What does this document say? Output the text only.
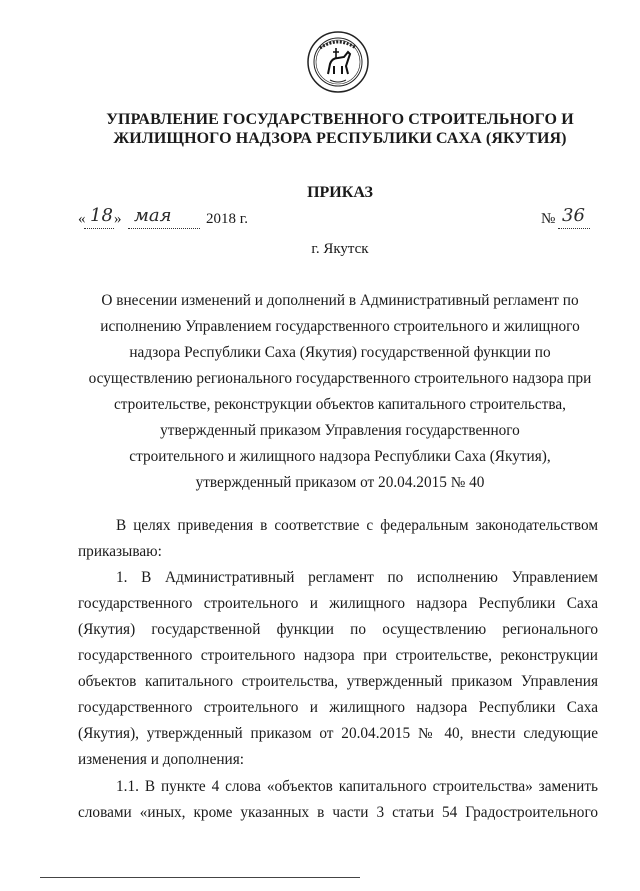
УПРАВЛЕНИЕ ГОСУДАРСТВЕННОГО СТРОИТЕЛЬНОГО И
ЖИЛИЩНОГО НАДЗОРА РЕСПУБЛИКИ САХА (ЯКУТИЯ)
ПРИКАЗ
« 18 » мая 2018 г.	№ 36
г. Якутск
О внесении изменений и дополнений в Административный регламент по
исполнению Управлением государственного строительного и жилищного
надзора Республики Саха (Якутия) государственной функции по
осуществлению регионального государственного строительного надзора при
строительстве, реконструкции объектов капитального строительства,
утвержденный приказом Управления государственного
строительного и жилищного надзора Республики Саха (Якутия),
утвержденный приказом от 20.04.2015 № 40
В целях приведения в соответствие с федеральным законодательством
приказываю:
1. В Административный регламент по исполнению Управлением
государственного строительного и жилищного надзора Республики Саха
(Якутия) государственной функции по осуществлению регионального
государственного строительного надзора при строительстве, реконструкции
объектов капитального строительства, утвержденный приказом Управления
государственного строительного и жилищного надзора Республики Саха
(Якутия), утвержденный приказом от 20.04.2015 № 40, внести следующие
изменения и дополнения:
1.1. В пункте 4 слова «объектов капитального строительства» заменить
словами «иных, кроме указанных в части 3 статьи 54 Градостроительного
